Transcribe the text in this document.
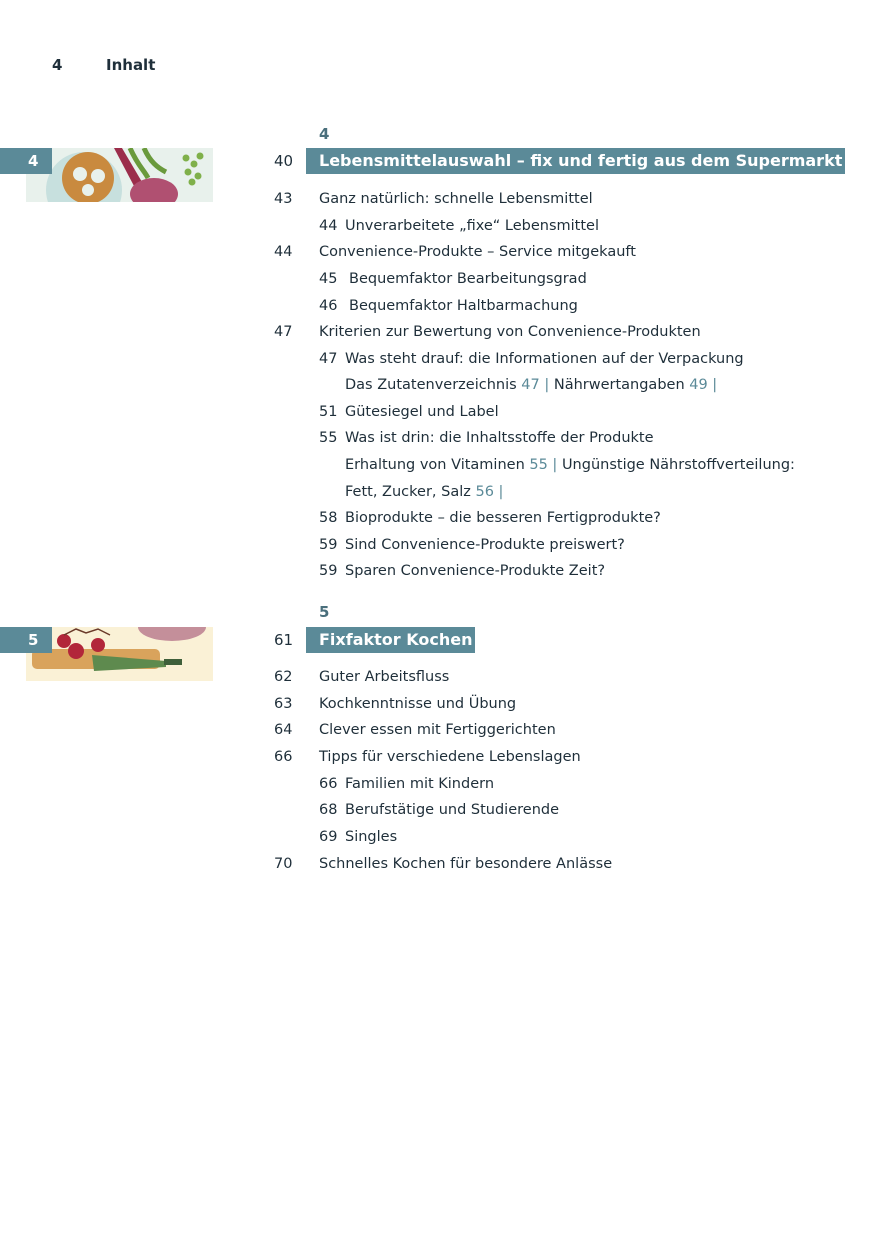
4	Inhalt
4
4
40	Lebensmittelauswahl – fix und fertig aus dem Supermarkt
43 Ganz natürlich: schnelle Lebensmittel
44 Unverarbeitete „fixe“ Lebensmittel
44 Convenience-Produkte – Service mitgekauft
45 Bequemfaktor Bearbeitungsgrad
46 Bequemfaktor Haltbarmachung
47 Kriterien zur Bewertung von Convenience-Produkten
47 Was steht drauf: die Informationen auf der Verpackung
Das Zutatenverzeichnis 47 | Nährwertangaben 49 |
51 Gütesiegel und Label
55 Was ist drin: die Inhaltsstoffe der Produkte
Erhaltung von Vitaminen 55 | Ungünstige Nährstoffverteilung:
Fett, Zucker, Salz 56 |
58 Bioprodukte – die besseren Fertigprodukte?
59 Sind Convenience-Produkte preiswert?
59 Sparen Convenience-Produkte Zeit?
5
5
61	Fixfaktor Kochen
62 Guter Arbeitsfluss
63 Kochkenntnisse und Übung
64 Clever essen mit Fertiggerichten
66 Tipps für verschiedene Lebenslagen
66 Familien mit Kindern
68 Berufstätige und Studierende
69 Singles
70 Schnelles Kochen für besondere Anlässe
